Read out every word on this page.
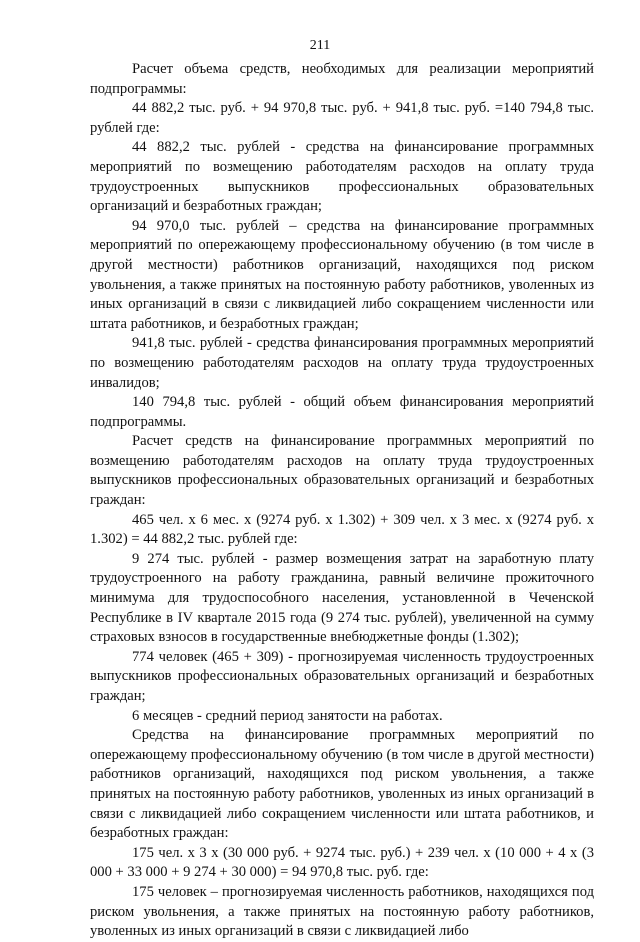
211

Расчет объема средств, необходимых для реализации мероприятий подпрограммы:

44 882,2 тыс. руб. + 94 970,8 тыс. руб. + 941,8 тыс. руб. =140 794,8 тыс. рублей где:

44 882,2 тыс. рублей - средства на финансирование программных мероприятий по возмещению работодателям расходов на оплату труда трудоустроенных выпускников профессиональных образовательных организаций и безработных граждан;

94 970,0 тыс. рублей – средства на финансирование программных мероприятий по опережающему профессиональному обучению (в том числе в другой местности) работников организаций, находящихся под риском увольнения, а также принятых на постоянную работу работников, уволенных из иных организаций в связи с ликвидацией либо сокращением численности или штата работников, и безработных граждан;

941,8 тыс. рублей - средства финансирования программных мероприятий по возмещению работодателям расходов на оплату труда трудоустроенных инвалидов;

140 794,8 тыс. рублей - общий объем финансирования мероприятий подпрограммы.

Расчет средств на финансирование программных мероприятий по возмещению работодателям расходов на оплату труда трудоустроенных выпускников профессиональных образовательных организаций и безработных граждан:

465 чел. х 6 мес. х (9274 руб. х 1.302) + 309 чел. х 3 мес. х (9274 руб. х 1.302) = 44 882,2 тыс. рублей где:

9 274 тыс. рублей - размер возмещения затрат на заработную плату трудоустроенного на работу гражданина, равный величине прожиточного минимума для трудоспособного населения, установленной в Чеченской Республике в IV квартале 2015 года (9 274 тыс. рублей), увеличенной на сумму страховых взносов в государственные внебюджетные фонды (1.302);

774 человек (465 + 309) - прогнозируемая численность трудоустроенных выпускников профессиональных образовательных организаций и безработных граждан;

6 месяцев - средний период занятости на работах.

Средства на финансирование программных мероприятий по опережающему профессиональному обучению (в том числе в другой местности) работников организаций, находящихся под риском увольнения, а также принятых на постоянную работу работников, уволенных из иных организаций в связи с ликвидацией либо сокращением численности или штата работников, и безработных граждан:

175 чел. х 3 х (30 000 руб. + 9274 тыс. руб.) + 239 чел. х (10 000 + 4 х (3 000 + 33 000 + 9 274 + 30 000) = 94 970,8 тыс. руб. где:

175 человек – прогнозируемая численность работников, находящихся под риском увольнения, а также принятых на постоянную работу работников, уволенных из иных организаций в связи с ликвидацией либо
